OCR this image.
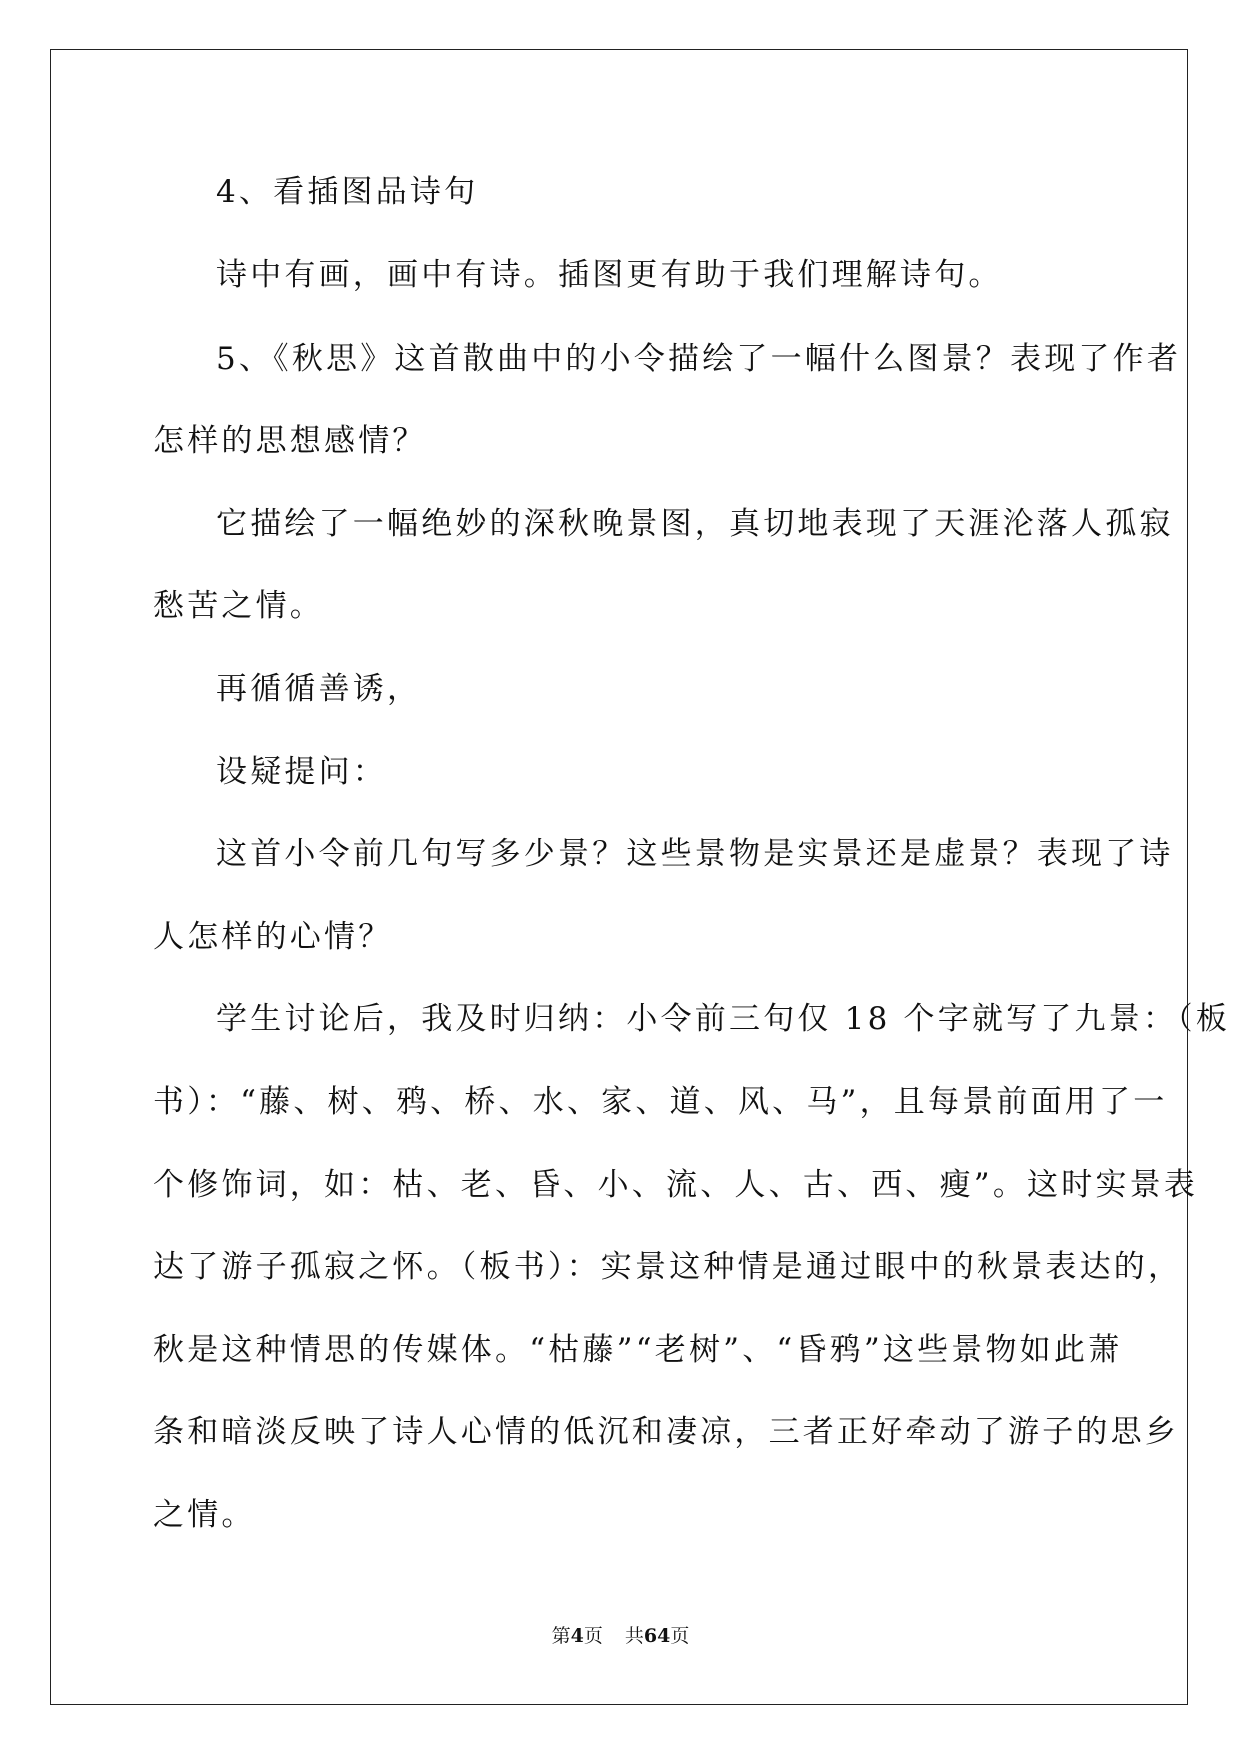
4、看插图品诗句
诗中有画，画中有诗。插图更有助于我们理解诗句。
5、《秋思》这首散曲中的小令描绘了一幅什么图景？表现了作者
怎样的思想感情？
它描绘了一幅绝妙的深秋晚景图，真切地表现了天涯沦落人孤寂
愁苦之情。
再循循善诱，
设疑提问：
这首小令前几句写多少景？这些景物是实景还是虚景？表现了诗
人怎样的心情？
学生讨论后，我及时归纳：小令前三句仅 18 个字就写了九景：（板
书）：“藤、树、鸦、桥、水、家、道、风、马”，且每景前面用了一
个修饰词，如：枯、老、昏、小、流、人、古、西、瘦”。这时实景表
达了游子孤寂之怀。（板书）：实景这种情是通过眼中的秋景表达的，
秋是这种情思的传媒体。“枯藤”“老树”、“昏鸦”这些景物如此萧
条和暗淡反映了诗人心情的低沉和凄凉，三者正好牵动了游子的思乡
之情。
第4页 共64页
